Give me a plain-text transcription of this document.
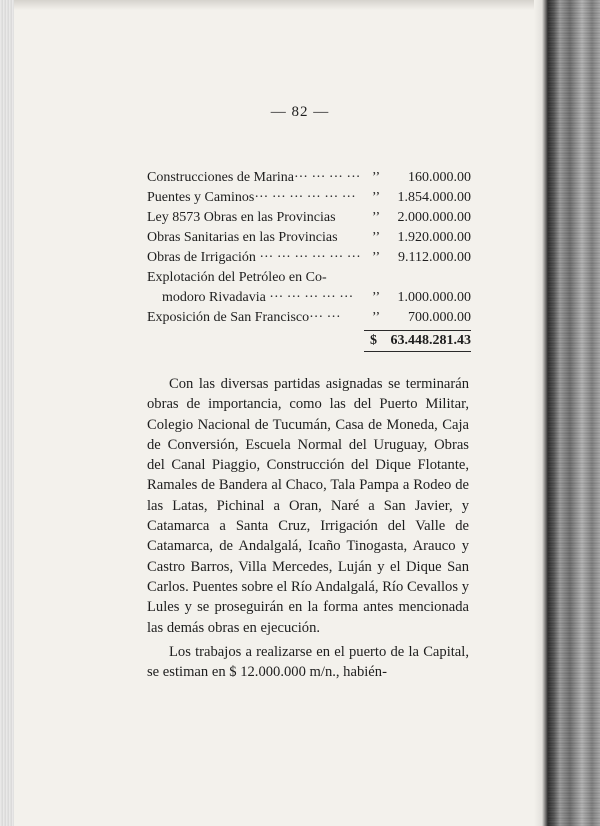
— 82 —
Construcciones de Marina··· ··· ··· ··· ’’ 160.000.00
Puentes y Caminos··· ··· ··· ··· ··· ··· ’’ 1.854.000.00
Ley 8573 Obras en las Provincias	’’ 2.000.000.00
Obras Sanitarias en las Provincias ’’ 1.920.000.00
Obras de Irrigación ··· ··· ··· ··· ··· ··· ’’ 9.112.000.00
Explotación del Petróleo en Co-
modoro Rivadavia ··· ··· ··· ··· ··· ’’ 1.000.000.00
Exposición de San Francisco··· ··· ’’ 700.000.00
$ 63.448.281.43

Con las diversas partidas asignadas se terminarán obras de importancia, como las del Puerto Militar, Colegio Nacional de Tucumán, Casa de Moneda, Caja de Conversión, Escuela Normal del Uruguay, Obras del Canal Piaggio, Construcción del Dique Flotante, Ramales de Bandera al Chaco, Tala Pampa a Rodeo de las Latas, Pichinal a Oran, Naré a San Javier, y Catamarca a Santa Cruz, Irrigación del Valle de Catamarca, de Andalgalá, Icaño Tinogasta, Arauco y Castro Barros, Villa Mercedes, Luján y el Dique San Carlos. Puentes sobre el Río Andalgalá, Río Cevallos y Lules y se proseguirán en la forma antes mencionada las demás obras en ejecución.

Los trabajos a realizarse en el puerto de la Capital, se estiman en $ 12.000.000 m/n., habién-
